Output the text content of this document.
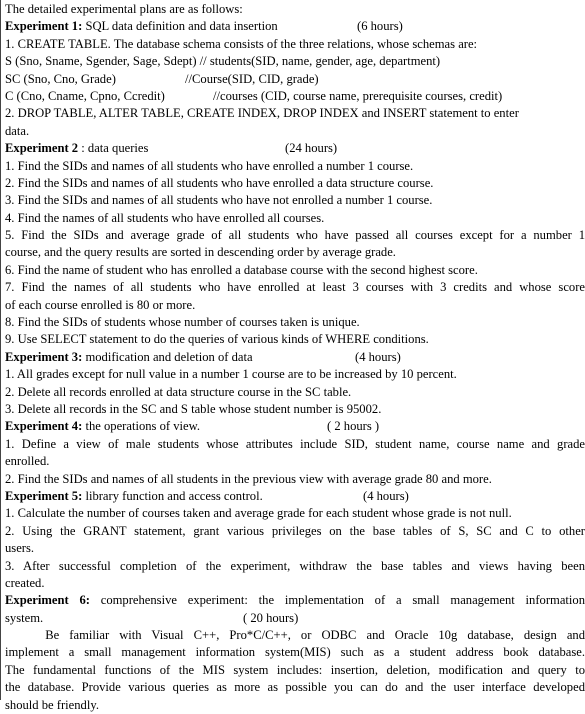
The detailed experimental plans are as follows:
Experiment 1: SQL data definition and data insertion	(6 hours)
1. CREATE TABLE. The database schema consists of the three relations, whose schemas are:
S (Sno, Sname, Sgender, Sage, Sdept) // students(SID, name, gender, age, department)
SC (Sno, Cno, Grade)	//Course(SID, CID, grade)
C (Cno, Cname, Cpno, Ccredit)	//courses (CID, course name, prerequisite courses, credit)
2. DROP TABLE, ALTER TABLE, CREATE INDEX, DROP INDEX and INSERT statement to enter
data.
Experiment 2 : data queries	(24 hours)
1. Find the SIDs and names of all students who have enrolled a number 1 course.
2. Find the SIDs and names of all students who have enrolled a data structure course.
3. Find the SIDs and names of all students who have not enrolled a number 1 course.
4. Find the names of all students who have enrolled all courses.
5. Find the SIDs and average grade of all students who have passed all courses except for a number 1
course, and the query results are sorted in descending order by average grade.
6. Find the name of student who has enrolled a database course with the second highest score.
7. Find the names of all students who have enrolled at least 3 courses with 3 credits and whose score
of each course enrolled is 80 or more.
8. Find the SIDs of students whose number of courses taken is unique.
9. Use SELECT statement to do the queries of various kinds of WHERE conditions.
Experiment 3: modification and deletion of data	(4 hours)
1. All grades except for null value in a number 1 course are to be increased by 10 percent.
2. Delete all records enrolled at data structure course in the SC table.
3. Delete all records in the SC and S table whose student number is 95002.
Experiment 4: the operations of view.	( 2 hours )
1. Define a view of male students whose attributes include SID, student name, course name and grade
enrolled.
2. Find the SIDs and names of all students in the previous view with average grade 80 and more.
Experiment 5: library function and access control.	(4 hours)
1. Calculate the number of courses taken and average grade for each student whose grade is not null.
2. Using the GRANT statement, grant various privileges on the base tables of S, SC and C to other
users.
3. After successful completion of the experiment, withdraw the base tables and views having been
created.
Experiment 6: comprehensive experiment: the implementation of a small management information
system.	( 20 hours)
Be familiar with Visual C++, Pro*C/C++, or ODBC and Oracle 10g database, design and
implement a small management information system(MIS) such as a student address book database.
The fundamental functions of the MIS system includes: insertion, deletion, modification and query to
the database. Provide various queries as more as possible you can do and the user interface developed
should be friendly.
